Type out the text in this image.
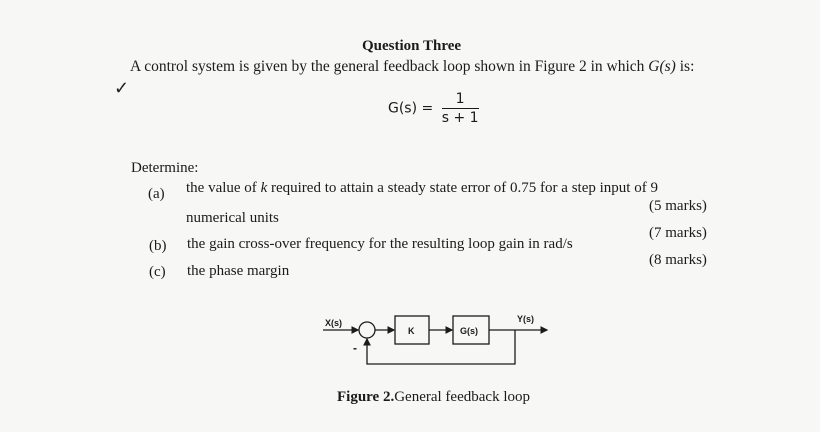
Question Three
✓
A control system is given by the general feedback loop shown in Figure 2 in which G(s) is:
$G(s) = \frac{1}{s + 1}$
Determine:
(a) the value of k required to attain a steady state error of 0.75 for a step input of 9
numerical units
(5 marks)
(b) the gain cross-over frequency for the resulting loop gain in rad/s
(7 marks)
(c) the phase margin
(8 marks)
X(s)
K	G(s)
Y(s)
-
Figure 2.General feedback loop
